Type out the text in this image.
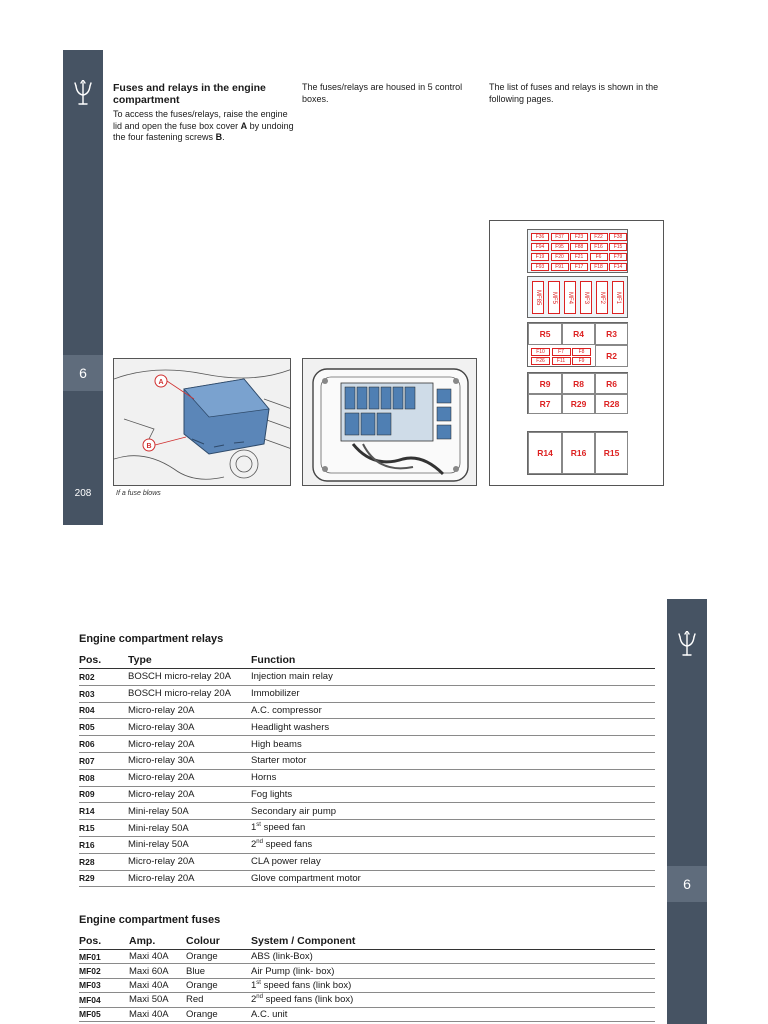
6
208
Fuses and relays in the engine compartment

To access the fuses/relays, raise the engine lid and open the fuse box cover A by undoing the four fastening screws B.

The fuses/relays are housed in 5 control boxes.
The list of fuses and relays is shown in the following pages.
A
B
If a fuse blows
F36	F37	F23	F22	F38
F94	F95	F88	F16	F15
F19	F20	F21	F6	F79
F93	F91	F17	F18	F14
MF85	MF5	MF4	MF3	MF2	MF1
R5	R4	R3
R2
F10	F7	F8
F26	F11	F9
R9	R8	R6
R7	R29	R28
R14	R16	R15
6
Engine compartment relays
Pos.	Type	Function
R02	BOSCH micro-relay 20A	Injection main relay
R03	BOSCH micro-relay 20A	Immobilizer
R04	Micro-relay 20A	A.C. compressor
R05	Micro-relay 30A	Headlight washers
R06	Micro-relay 20A	High beams
R07	Micro-relay 30A	Starter motor
R08	Micro-relay 20A	Horns
R09	Micro-relay 20A	Fog lights
R14	Mini-relay 50A	Secondary air pump
R15	Mini-relay 50A	1st speed fan
R16	Mini-relay 50A	2nd speed fans
R28	Micro-relay 20A	CLA power relay
R29	Micro-relay 20A	Glove compartment motor
Engine compartment fuses
Pos.	Amp.	Colour	System / Component
MF01	Maxi 40A	Orange	ABS (link-Box)
MF02	Maxi 60A	Blue	Air Pump (link- box)
MF03	Maxi 40A	Orange	1st speed fans (link box)
MF04	Maxi 50A	Red	2nd speed fans (link box)
MF05	Maxi 40A	Orange	A.C. unit
